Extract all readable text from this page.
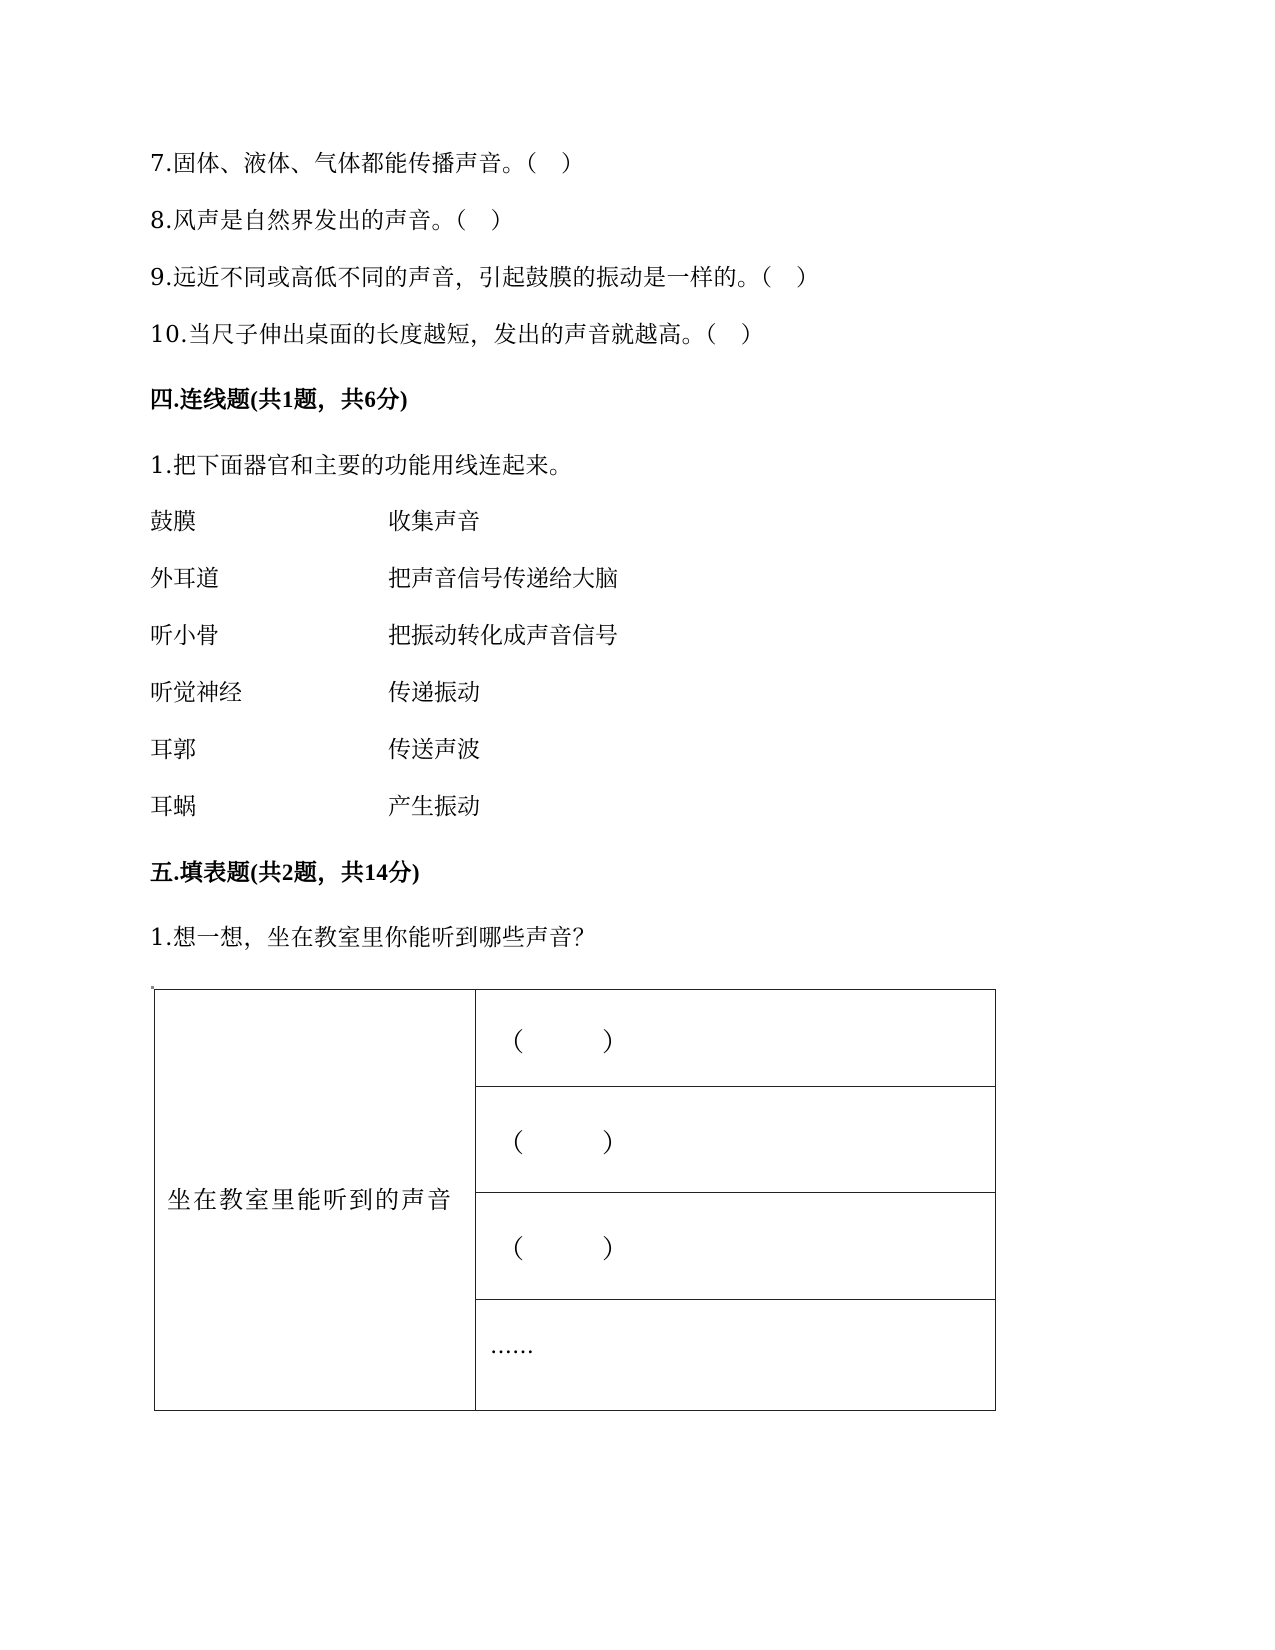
7.固体、液体、气体都能传播声音。（　）
8.风声是自然界发出的声音。（　）
9.远近不同或高低不同的声音，引起鼓膜的振动是一样的。（　）
10.当尺子伸出桌面的长度越短，发出的声音就越高。（　）
四.连线题(共1题，共6分)
1.把下面器官和主要的功能用线连起来。
鼓膜	收集声音
外耳道	把声音信号传递给大脑
听小骨	把振动转化成声音信号
听觉神经	传递振动
耳郭	传送声波
耳蜗	产生振动
五.填表题(共2题，共14分)
1.想一想，坐在教室里你能听到哪些声音？
坐在教室里能听到的声音	（　　　）
（　　　）
（　　　）
……
